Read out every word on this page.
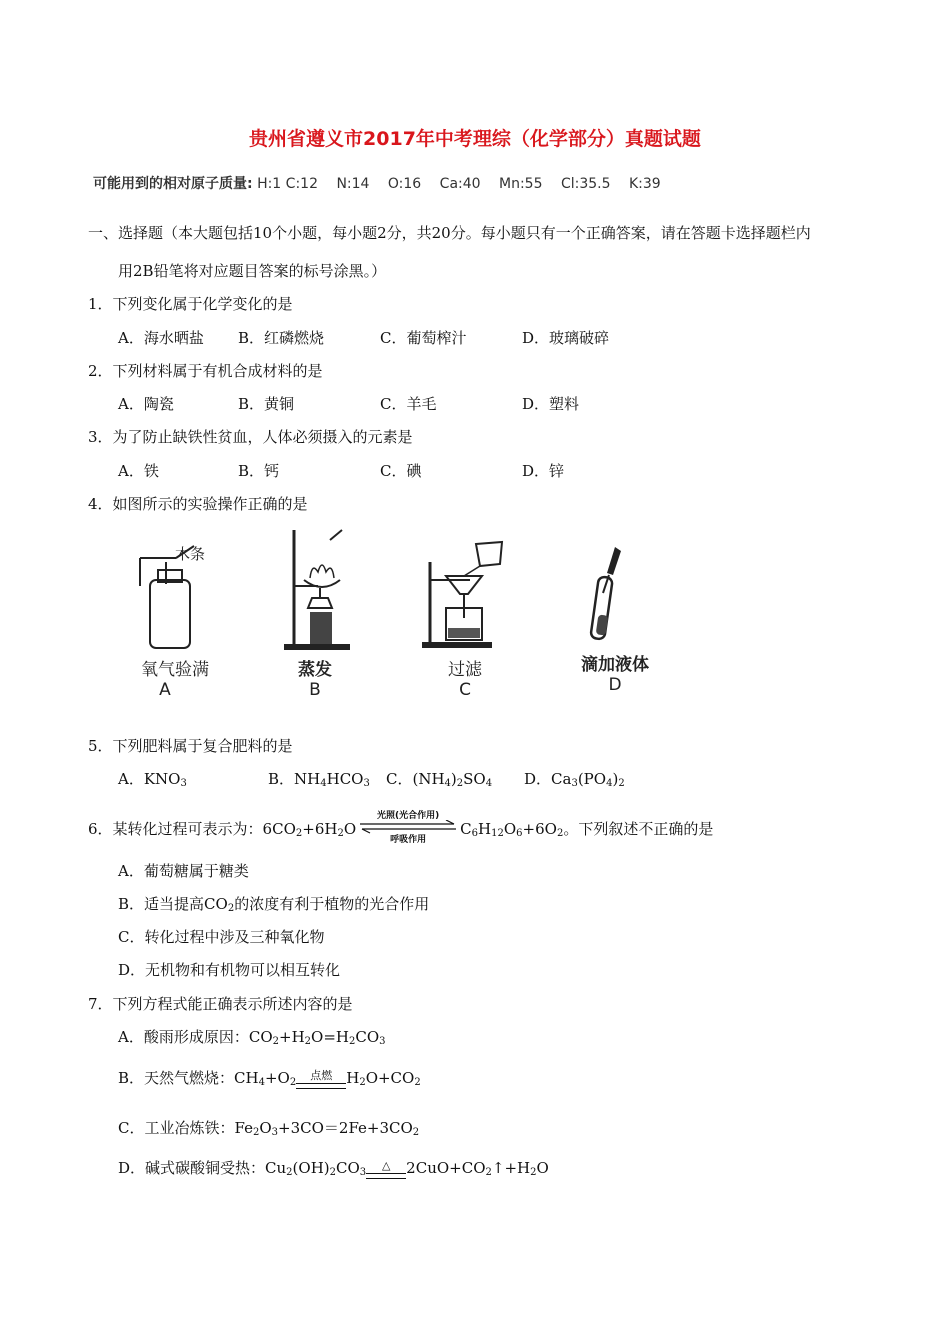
贵州省遵义市2017年中考理综（化学部分）真题试题
可能用到的相对原子质量: H:1 C:12 N:14 O:16 Ca:40 Mn:55 Cl:35.5 K:39
一、选择题（本大题包括10个小题，每小题2分，共20分。每小题只有一个正确答案，请在答题卡选择题栏内
用2B铅笔将对应题目答案的标号涂黑。）
1．下列变化属于化学变化的是
A．海水晒盐 B．红磷燃烧	C．葡萄榨汁	D．玻璃破碎
2．下列材料属于有机合成材料的是
A．陶瓷	B．黄铜	C．羊毛	D．塑料
3．为了防止缺铁性贫血，人体必须摄入的元素是
A．铁	B．钙	C．碘	D．锌
4．如图所示的实验操作正确的是
木条
氧气验满
A
蒸发
B
过滤
C
滴加液体
D
5．下列肥料属于复合肥料的是
A．$KNO_3$	B．$NH_4HCO_3$ C．$(NH_4)_2SO_4$ D．$Ca_3(PO_4)_2$
6．某转化过程可表示为：$6CO_2+6H_2O$
光照(光合作用)
呼吸作用
$C_6H_{12}O_6+6O_2$。下列叙述不正确的是
A．葡萄糖属于糖类
B．适当提高$CO_2$的浓度有利于植物的光合作用
C．转化过程中涉及三种氧化物
D．无机物和有机物可以相互转化
7．下列方程式能正确表示所述内容的是
A．酸雨形成原因：$CO_2+H_2O=H_2CO_3$
B．天然气燃烧：$CH_4+O_2^{点燃}$ $H_2O+CO_2$
C．工业冶炼铁：$Fe_2O_3+3CO=2Fe+3CO_2$
D．碱式碳酸铜受热：$Cu_2(OH)_2CO_3^\triangle$ $2CuO+CO_2↑+H_2O$
